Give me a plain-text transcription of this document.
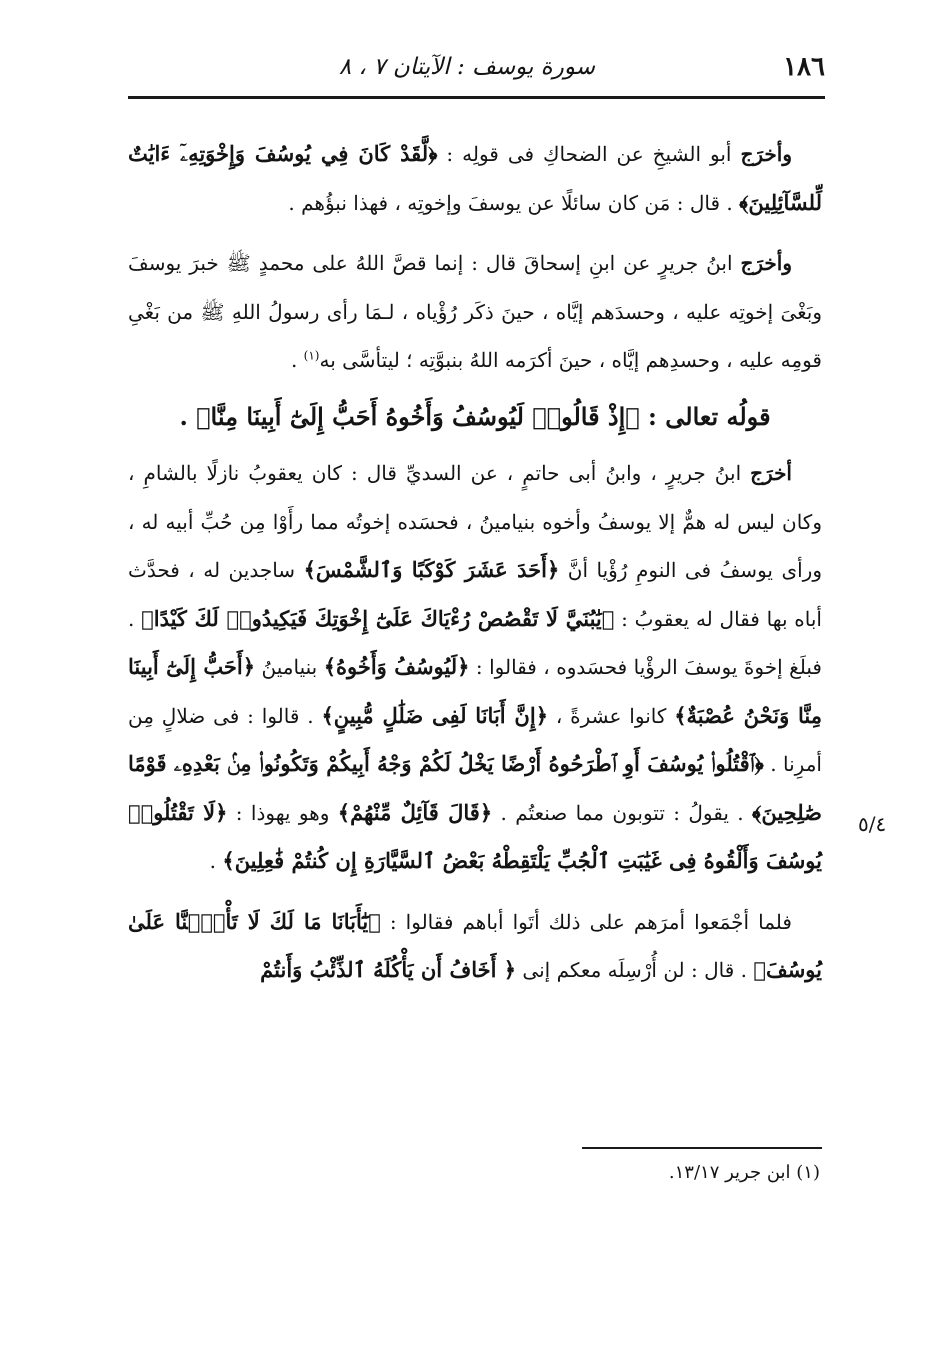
١٨٦
سورة يوسف : الآيتان ٧ ، ٨

وأخرَج أبو الشيخِ عن الضحاكِ فى قولِه : ﴿لَّقَدْ كَانَ فِي يُوسُفَ وَإِخْوَتِهِۦٓ ءَايَٰتٌ لِّلسَّآئِلِينَ﴾ . قال : مَن كان سائلًا عن يوسفَ وإخوتِه ، فهذا نبؤُهم .

وأخرَج ابنُ جريرٍ عن ابنِ إسحاقَ قال : إنما قصَّ اللهُ على محمدٍ ﷺ خبرَ يوسفَ وبَغْىَ إخوتِه عليه ، وحسدَهم إيَّاه ، حينَ ذكَر رُؤْياه ، لـمَا رأى رسولُ اللهِ ﷺ من بَغْىِ قومِه عليه ، وحسدِهم إيَّاه ، حينَ أكرَمه اللهُ بنبوَّتِه ؛ ليتأسَّى به$^{(١)}$ .

قولُه تعالى : ﴿إِذْ قَالُوا۟ لَيُوسُفُ وَأَخُوهُ أَحَبُّ إِلَىٰٓ أَبِينَا مِنَّا﴾ .

أخرَج ابنُ جريرٍ ، وابنُ أبى حاتمٍ ، عن السديِّ قال : كان يعقوبُ نازلًا بالشامِ ، وكان ليس له همٌّ إلا يوسفُ وأخوه بنيامينُ ، فحسَده إخوتُه مما رأَوْا مِن حُبِّ أبيه له ، ورأى يوسفُ فى النومِ رُؤْيا أنَّ ﴿أَحَدَ عَشَرَ كَوْكَبًا وَٱلشَّمْسَ﴾ ساجدين له ، فحدَّث أباه بها فقال له يعقوبُ : ﴿يَٰبُنَيَّ لَا تَقْصُصْ رُءْيَاكَ عَلَىٰٓ إِخْوَتِكَ فَيَكِيدُوا۟ لَكَ كَيْدًا﴾ . فبلَغ إخوةَ يوسفَ الرؤْيا فحسَدوه ، فقالوا : ﴿لَيُوسُفُ وَأَخُوهُ﴾ بنيامينُ ﴿أَحَبُّ إِلَىٰٓ أَبِينَا مِنَّا وَنَحْنُ عُصْبَةٌ﴾ كانوا عشرةً ، ﴿إِنَّ أَبَانَا لَفِى ضَلَٰلٍ مُّبِينٍ﴾ . قالوا : فى ضلالٍ مِن أمرِنا . ﴿ٱقْتُلُوا۟ يُوسُفَ أَوِ ٱطْرَحُوهُ أَرْضًا يَخْلُ لَكُمْ وَجْهُ أَبِيكُمْ وَتَكُونُوا۟ مِنۢ بَعْدِهِۦ قَوْمًا صَٰلِحِينَ﴾ . يقولُ : تتوبون مما صنعتُم . ﴿قَالَ قَآئِلٌ مِّنْهُمْ﴾ وهو يهوذا : ﴿لَا تَقْتُلُوا۟ يُوسُفَ وَأَلْقُوهُ فِى غَيَٰبَتِ ٱلْجُبِّ يَلْتَقِطْهُ بَعْضُ ٱلسَّيَّارَةِ إِن كُنتُمْ فَٰعِلِينَ﴾ .

فلما أجْمَعوا أمرَهم على ذلك أتَوا أباهم فقالوا : ﴿يَٰٓأَبَانَا مَا لَكَ لَا تَأْمَ۫نَّا عَلَىٰ يُوسُفَ﴾ . قال : لن أُرْسِلَه معكم إنى ﴿ أَخَافُ أَن يَأْكُلَهُ ٱلذِّئْبُ وَأَنتُمْ

٥/٤
(١) ابن جرير ١٣/١٧.
